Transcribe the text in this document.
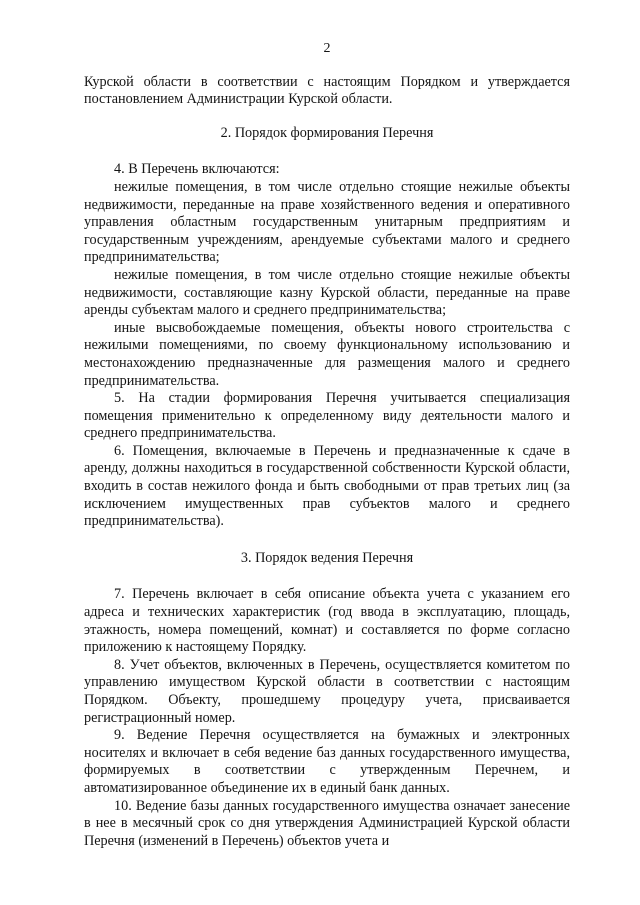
2

Курской области в соответствии с настоящим Порядком и утверждается постановлением Администрации Курской области.

2. Порядок формирования Перечня

4. В Перечень включаются:

нежилые помещения, в том числе отдельно стоящие нежилые объекты недвижимости, переданные на праве хозяйственного ведения и оперативного управления областным государственным унитарным предприятиям и государственным учреждениям, арендуемые субъектами малого и среднего предпринимательства;

нежилые помещения, в том числе отдельно стоящие нежилые объекты недвижимости, составляющие казну Курской области, переданные на праве аренды субъектам малого и среднего предпринимательства;

иные высвобождаемые помещения, объекты нового строительства с нежилыми помещениями, по своему функциональному использованию и местонахождению предназначенные для размещения малого и среднего предпринимательства.

5. На стадии формирования Перечня учитывается специализация помещения применительно к определенному виду деятельности малого и среднего предпринимательства.

6. Помещения, включаемые в Перечень и предназначенные к сдаче в аренду, должны находиться в государственной собственности Курской области, входить в состав нежилого фонда и быть свободными от прав третьих лиц (за исключением имущественных прав субъектов малого и среднего предпринимательства).

3. Порядок ведения Перечня

7. Перечень включает в себя описание объекта учета с указанием его адреса и технических характеристик (год ввода в эксплуатацию, площадь, этажность, номера помещений, комнат) и составляется по форме согласно приложению к настоящему Порядку.

8. Учет объектов, включенных в Перечень, осуществляется комитетом по управлению имуществом Курской области в соответствии с настоящим Порядком. Объекту, прошедшему процедуру учета, присваивается регистрационный номер.

9. Ведение Перечня осуществляется на бумажных и электронных носителях и включает в себя ведение баз данных государственного имущества, формируемых в соответствии с утвержденным Перечнем, и автоматизированное объединение их в единый банк данных.

10. Ведение базы данных государственного имущества означает занесение в нее в месячный срок со дня утверждения Администрацией Курской области Перечня (изменений в Перечень) объектов учета и
